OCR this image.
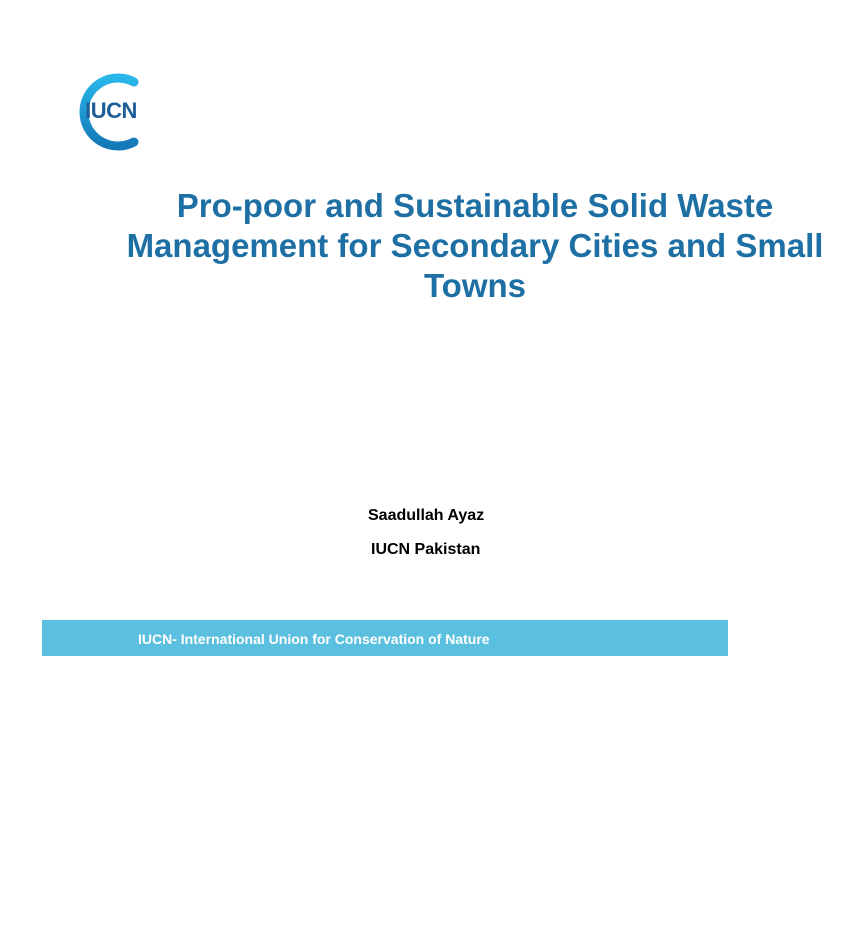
IUCN
Pro-poor and Sustainable Solid Waste
Management for Secondary Cities and Small
Towns
Saadullah Ayaz
IUCN Pakistan
IUCN- International Union for Conservation of Nature
